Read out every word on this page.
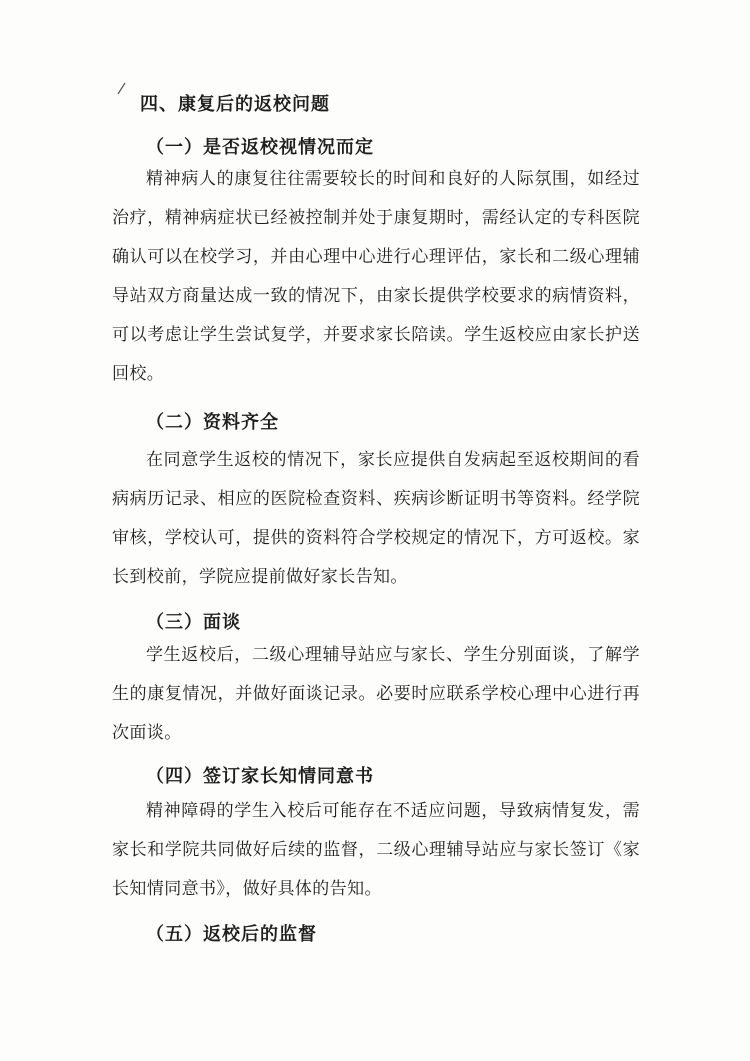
四、康复后的返校问题
（一）是否返校视情况而定

精神病人的康复往往需要较长的时间和良好的人际氛围，如经过治疗，精神病症状已经被控制并处于康复期时，需经认定的专科医院确认可以在校学习，并由心理中心进行心理评估，家长和二级心理辅导站双方商量达成一致的情况下，由家长提供学校要求的病情资料，可以考虑让学生尝试复学，并要求家长陪读。学生返校应由家长护送回校。

（二）资料齐全

在同意学生返校的情况下，家长应提供自发病起至返校期间的看病病历记录、相应的医院检查资料、疾病诊断证明书等资料。经学院审核，学校认可，提供的资料符合学校规定的情况下，方可返校。家长到校前，学院应提前做好家长告知。

（三）面谈

学生返校后，二级心理辅导站应与家长、学生分别面谈，了解学生的康复情况，并做好面谈记录。必要时应联系学校心理中心进行再次面谈。

（四）签订家长知情同意书

精神障碍的学生入校后可能存在不适应问题，导致病情复发，需家长和学院共同做好后续的监督，二级心理辅导站应与家长签订《家长知情同意书》，做好具体的告知。

（五）返校后的监督
